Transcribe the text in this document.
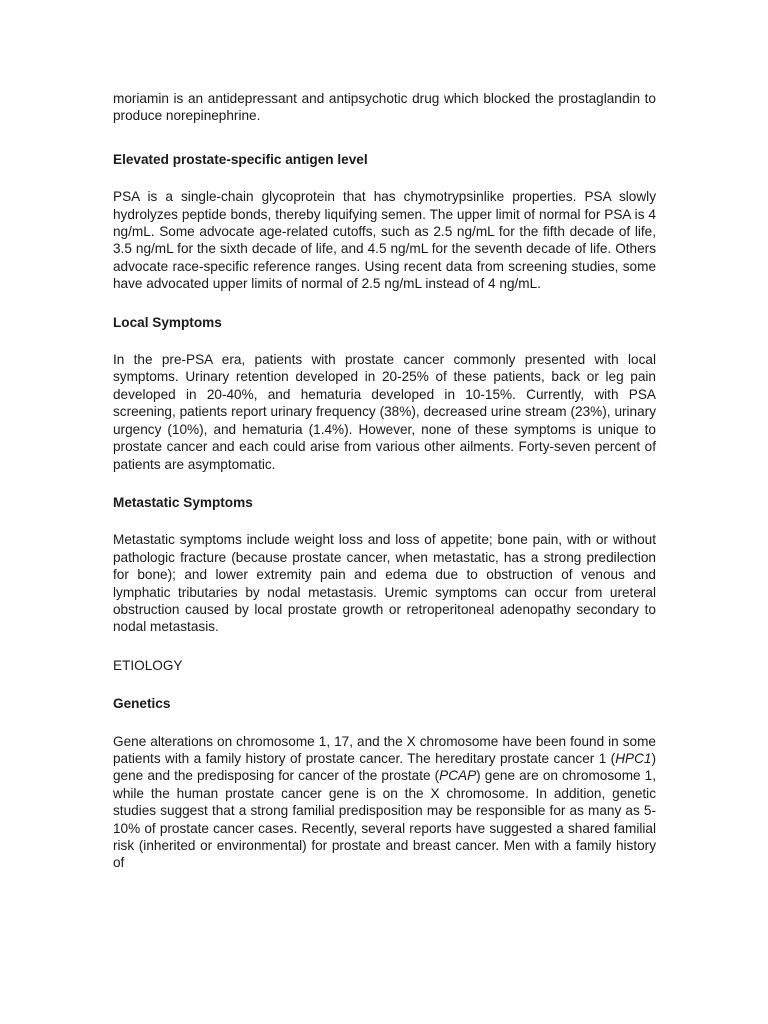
moriamin is an antidepressant and antipsychotic drug which blocked the prostaglandin to produce norepinephrine.

Elevated prostate-specific antigen level

PSA is a single-chain glycoprotein that has chymotrypsinlike properties. PSA slowly hydrolyzes peptide bonds, thereby liquifying semen. The upper limit of normal for PSA is 4 ng/mL. Some advocate age-related cutoffs, such as 2.5 ng/mL for the fifth decade of life, 3.5 ng/mL for the sixth decade of life, and 4.5 ng/mL for the seventh decade of life. Others advocate race-specific reference ranges. Using recent data from screening studies, some have advocated upper limits of normal of 2.5 ng/mL instead of 4 ng/mL.

Local Symptoms

In the pre-PSA era, patients with prostate cancer commonly presented with local symptoms. Urinary retention developed in 20-25% of these patients, back or leg pain developed in 20-40%, and hematuria developed in 10-15%. Currently, with PSA screening, patients report urinary frequency (38%), decreased urine stream (23%), urinary urgency (10%), and hematuria (1.4%). However, none of these symptoms is unique to prostate cancer and each could arise from various other ailments. Forty-seven percent of patients are asymptomatic.

Metastatic Symptoms

Metastatic symptoms include weight loss and loss of appetite; bone pain, with or without pathologic fracture (because prostate cancer, when metastatic, has a strong predilection for bone); and lower extremity pain and edema due to obstruction of venous and lymphatic tributaries by nodal metastasis. Uremic symptoms can occur from ureteral obstruction caused by local prostate growth or retroperitoneal adenopathy secondary to nodal metastasis.

ETIOLOGY

Genetics

Gene alterations on chromosome 1, 17, and the X chromosome have been found in some patients with a family history of prostate cancer. The hereditary prostate cancer 1 (HPC1) gene and the predisposing for cancer of the prostate (PCAP) gene are on chromosome 1, while the human prostate cancer gene is on the X chromosome. In addition, genetic studies suggest that a strong familial predisposition may be responsible for as many as 5-10% of prostate cancer cases. Recently, several reports have suggested a shared familial risk (inherited or environmental) for prostate and breast cancer. Men with a family history of
